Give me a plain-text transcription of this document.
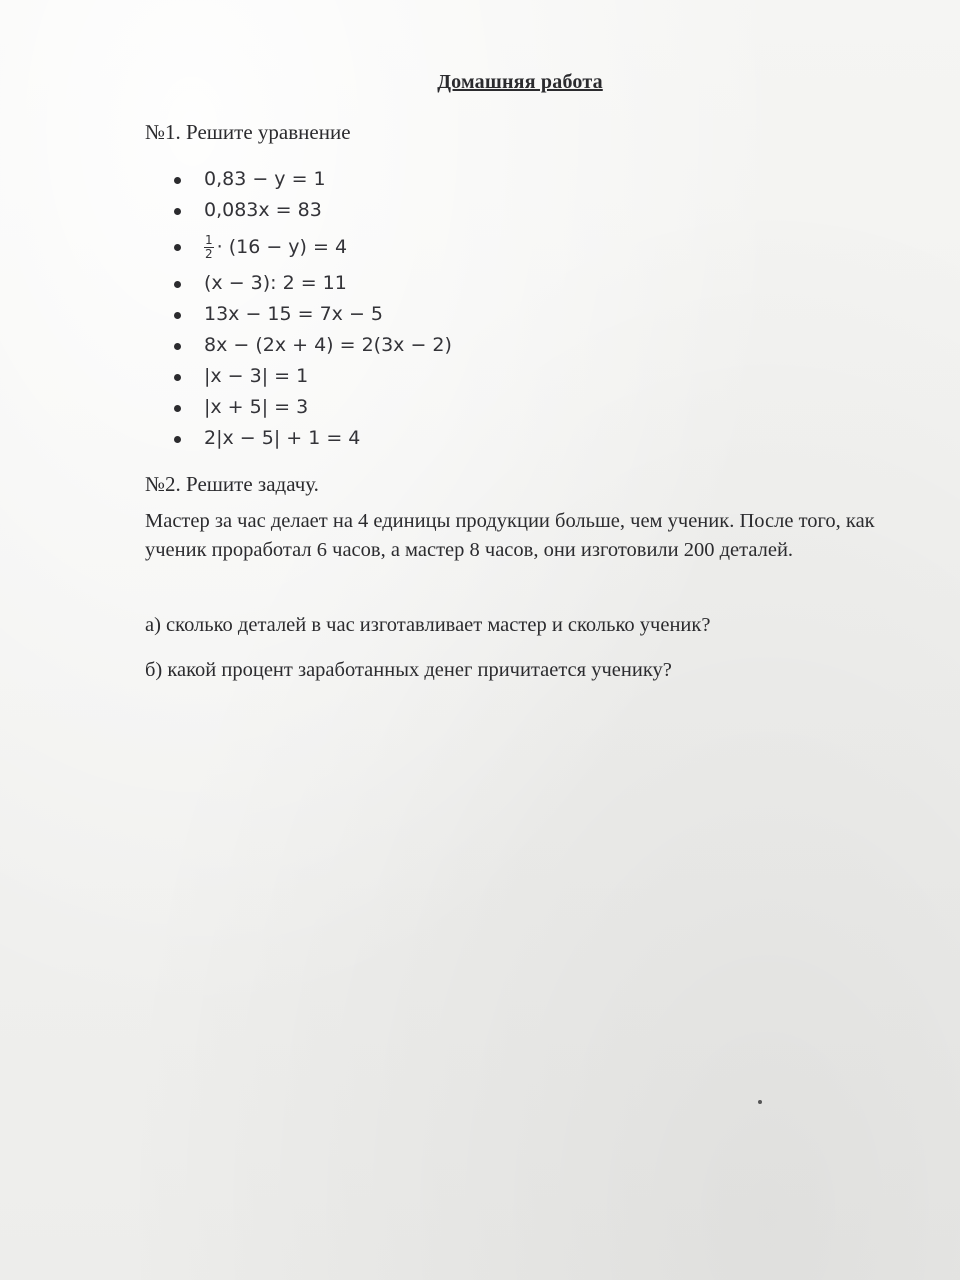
Домашняя работа
№1. Решите уравнение
0,83 − y = 1
0,083x = 83
$\frac{1}{2} \cdot (16 - y) = 4$
(x − 3): 2 = 11
13x − 15 = 7x − 5
8x − (2x + 4) = 2(3x − 2)
|x − 3| = 1
|x + 5| = 3
2|x − 5| + 1 = 4
№2. Решите задачу.

Мастер за час делает на 4 единицы продукции больше, чем ученик. После того, как ученик проработал 6 часов, а мастер 8 часов, они изготовили 200 деталей.

а) сколько деталей в час изготавливает мастер и сколько ученик?

б) какой процент заработанных денег причитается ученику?
